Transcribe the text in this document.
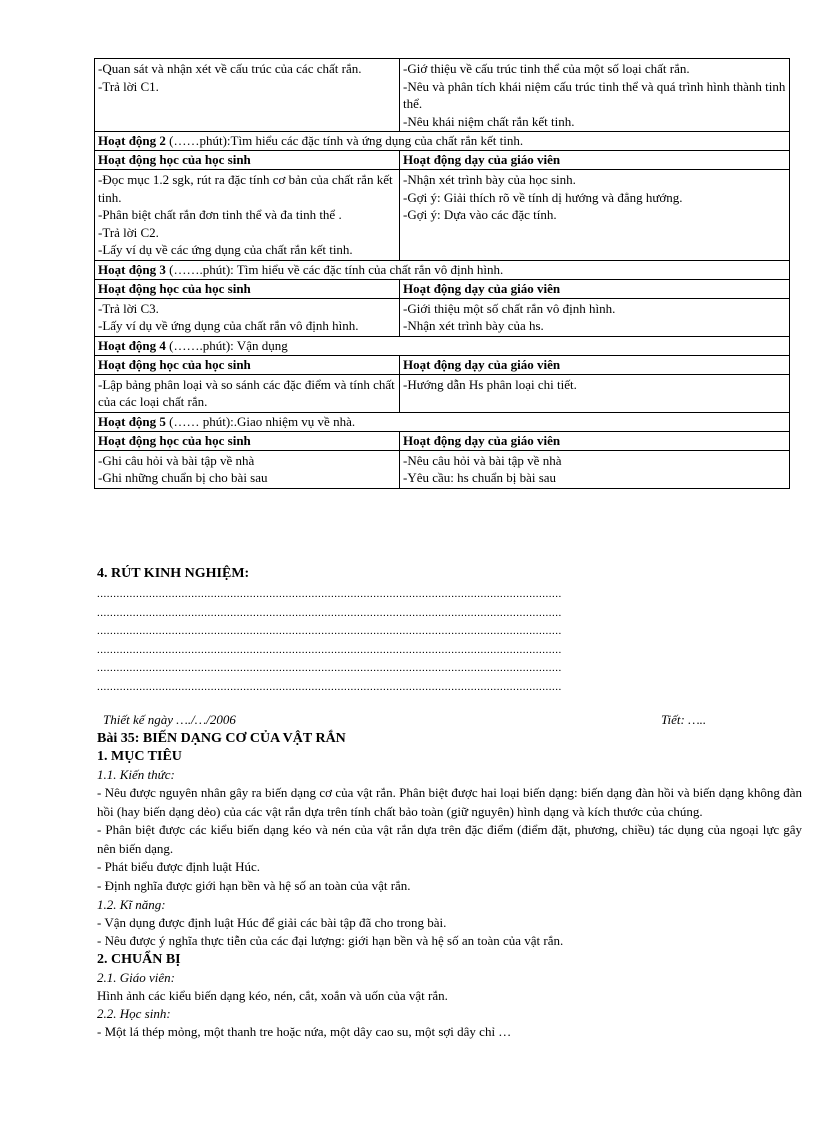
-Quan sát và nhận xét về cấu trúc của các chất rắn.
-Trả lời C1.	-Giớ thiệu về cấu trúc tinh thể của một số loại chất rắn.
-Nêu và phân tích khái niệm cấu trúc tinh thể và quá trình hình thành tinh thể.
-Nêu khái niệm chất rắn kết tinh.

Hoạt động 2 (……phút):Tìm hiểu các đặc tính và ứng dụng của chất rắn kết tinh.	
Hoạt động học của học sinh	Hoạt động dạy của giáo viên

-Đọc mục 1.2 sgk, rút ra đặc tính cơ bản của chất rắn kết tinh.
-Phân biệt chất rắn đơn tinh thể và đa tinh thể .
-Trả lời C2.
-Lấy ví dụ về các ứng dụng của chất rắn kết tinh.	-Nhận xét trình bày của học sinh.
-Gợi ý: Giải thích rõ về tính dị hướng và đẳng hướng.
-Gợi ý: Dựa vào các đặc tính.

Hoạt động 3 (…….phút): Tìm hiểu về các đặc tính của chất rắn vô định hình.	
Hoạt động học của học sinh	Hoạt động dạy của giáo viên

-Trả lời C3.
-Lấy ví dụ về ứng dụng của chất rắn vô định hình.	-Giới thiệu một số chất rắn vô định hình.
-Nhận xét trình bày của hs.

Hoạt động 4 (…….phút): Vận dụng	
Hoạt động học của học sinh	Hoạt động dạy của giáo viên

-Lập bảng phân loại và so sánh các đặc điểm và tính chất của các loại chất rắn.	-Hướng dẫn Hs phân loại chi tiết.

Hoạt động 5 (…… phút):.Giao nhiệm vụ về nhà.	
Hoạt động học của học sinh	Hoạt động dạy của giáo viên

-Ghi câu hỏi và bài tập về nhà
-Ghi những chuẩn bị cho bài sau	-Nêu câu hỏi và bài tập về nhà
-Yêu cầu: hs chuẩn bị bài sau
4. RÚT KINH NGHIỆM:
...............................................................................................................................................
...............................................................................................................................................
...............................................................................................................................................
...............................................................................................................................................
...............................................................................................................................................
...............................................................................................................................................
Thiết kế ngày …./…/2006	Tiết: …..
Bài 35: BIẾN DẠNG CƠ CỦA VẬT RẮN
1. MỤC TIÊU
1.1. Kiến thức:

- Nêu được nguyên nhân gây ra biến dạng cơ của vật rắn. Phân biệt được hai loại biến dạng: biến dạng đàn hồi và biến dạng không đàn hồi (hay biến dạng dẻo) của các vật rắn dựa trên tính chất bảo toàn (giữ nguyên) hình dạng và kích thước của chúng.

- Phân biệt được các kiểu biến dạng kéo và nén của vật rắn dựa trên đặc điểm (điểm đặt, phương, chiều) tác dụng của ngoại lực gây nên biến dạng.

- Phát biểu được định luật Húc.

- Định nghĩa được giới hạn bền và hệ số an toàn của vật rắn.

1.2. Kĩ năng:

- Vận dụng được định luật Húc để giải các bài tập đã cho trong bài.

- Nêu được ý nghĩa thực tiễn của các đại lượng: giới hạn bền và hệ số an toàn của vật rắn.

2. CHUẨN BỊ
2.1. Giáo viên:

Hình ảnh các kiểu biến dạng kéo, nén, cắt, xoắn và uốn của vật rắn.

2.2. Học sinh:

- Một lá thép mỏng, một thanh tre hoặc nứa, một dây cao su, một sợi dây chỉ …
